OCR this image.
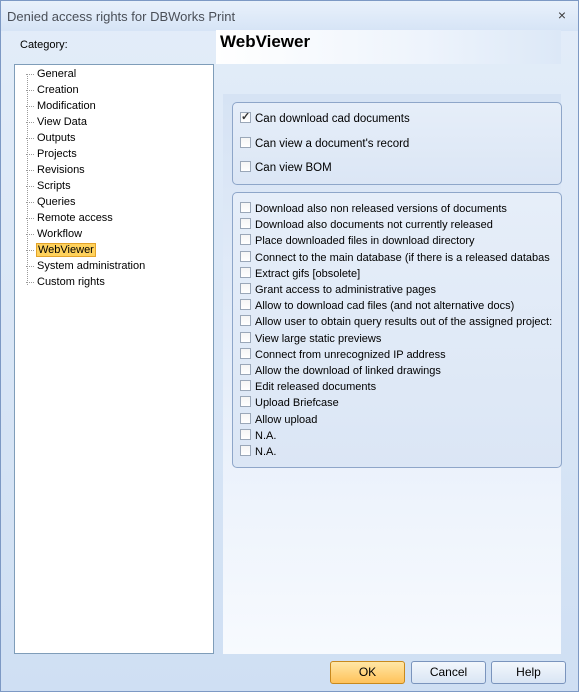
Denied access rights for DBWorks Print	×
Category:
General
Creation
Modification
View Data
Outputs
Projects
Revisions
Scripts
Queries
Remote access
Workflow
WebViewer
System administration
Custom rights
WebViewer
✓Can download cad documents
Can view a document's record
Can view BOM
Download also non released versions of documents
Download also documents not currently released
Place downloaded files in download directory
Connect to the main database (if there is a released databas
Extract gifs [obsolete]
Grant access to administrative pages
Allow to download cad files (and not alternative docs)
Allow user to obtain query results out of the assigned project:
View large static previews
Connect from unrecognized IP address
Allow the download of linked drawings
Edit released documents
Upload Briefcase
Allow upload
N.A.
N.A.
OK	Cancel	Help
